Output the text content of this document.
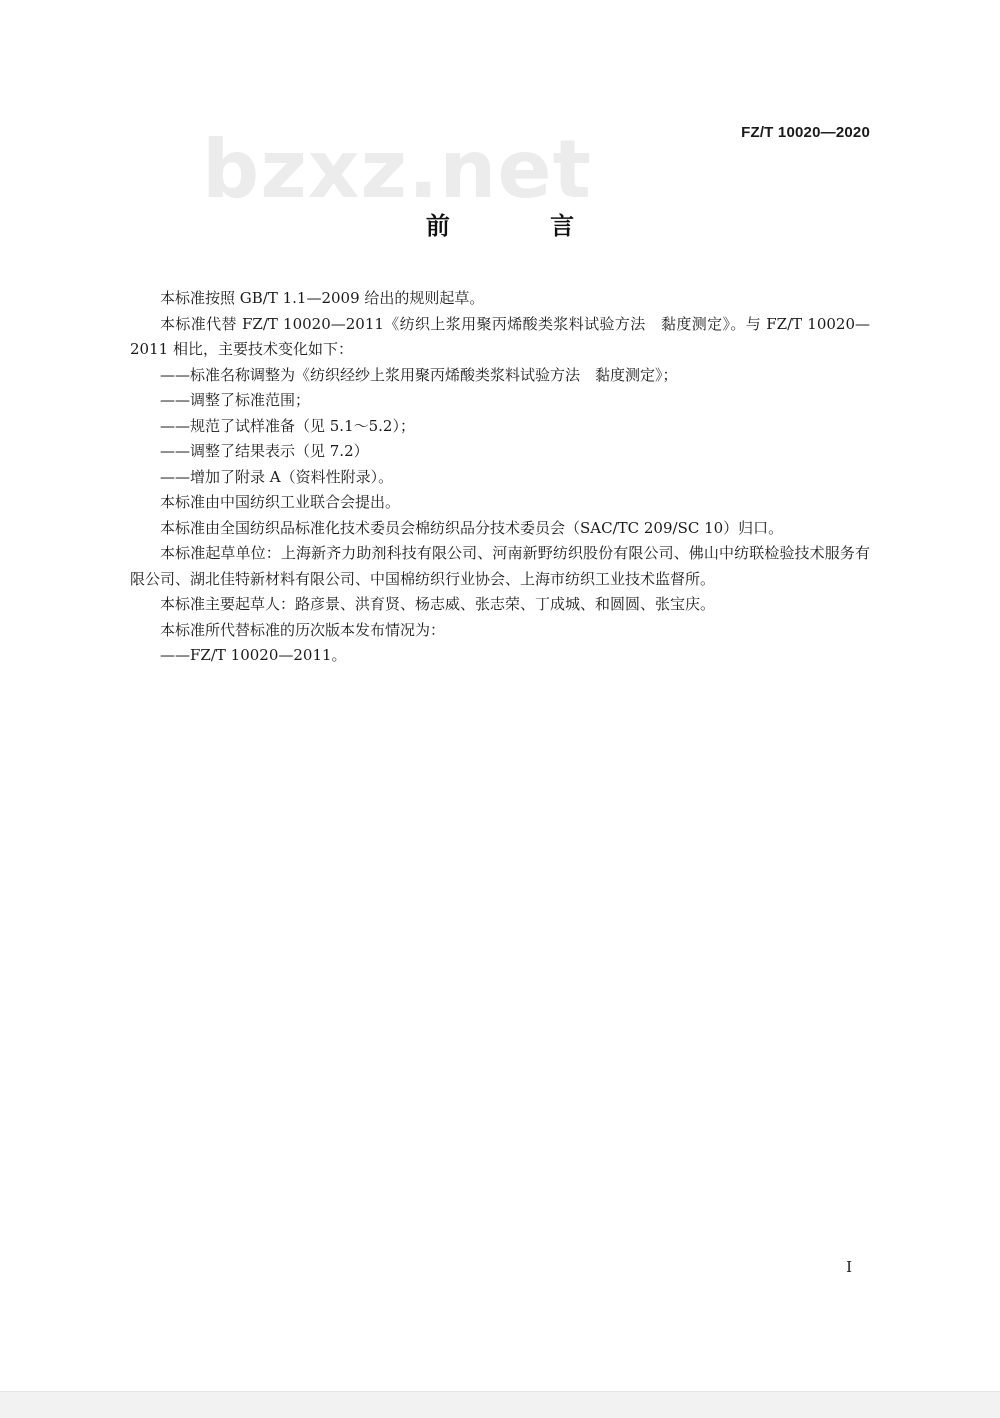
bzxz.net	FZ/T 10020—2020
前 言

本标准按照 GB/T 1.1—2009 给出的规则起草。

本标准代替 FZ/T 10020—2011《纺织上浆用聚丙烯酸类浆料试验方法　黏度测定》。与 FZ/T 10020—2011 相比，主要技术变化如下：

——标准名称调整为《纺织经纱上浆用聚丙烯酸类浆料试验方法　黏度测定》；

——调整了标准范围；

——规范了试样准备（见 5.1～5.2）；

——调整了结果表示（见 7.2）

——增加了附录 A（资料性附录）。

本标准由中国纺织工业联合会提出。

本标准由全国纺织品标准化技术委员会棉纺织品分技术委员会（SAC/TC 209/SC 10）归口。

本标准起草单位：上海新齐力助剂科技有限公司、河南新野纺织股份有限公司、佛山中纺联检验技术服务有限公司、湖北佳特新材料有限公司、中国棉纺织行业协会、上海市纺织工业技术监督所。

本标准主要起草人：路彦景、洪育贤、杨志威、张志荣、丁成城、和圆圆、张宝庆。

本标准所代替标准的历次版本发布情况为：

——FZ/T 10020—2011。

I
